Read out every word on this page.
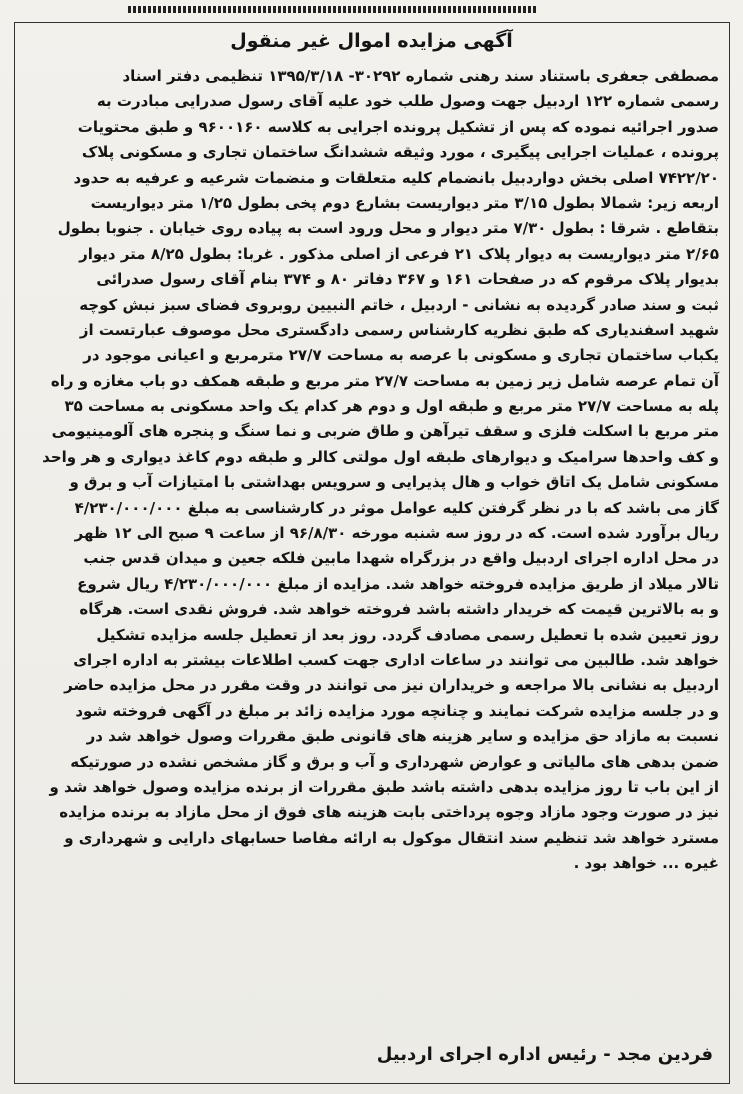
آگهی مزایده اموال غیر منقول
مصطفی جعفری باستناد سند رهنی شماره ۳۰۲۹۲- ۱۳۹۵/۳/۱۸ تنظیمی دفتر اسناد
رسمی شماره ۱۲۲ اردبیل جهت وصول طلب خود علیه آقای رسول صدرایی مبادرت به
صدور اجرائیه نموده که پس از تشکیل پرونده اجرایی به کلاسه ۹۶۰۰۱۶۰ و طبق محتویات
پرونده ، عملیات اجرایی پیگیری ، مورد وثیقه ششدانگ ساختمان تجاری و مسکونی پلاک
۷۴۲۲/۲۰ اصلی بخش دواردبیل بانضمام کلیه متعلقات و منضمات شرعیه و عرفیه به حدود
اربعه زیر: شمالا بطول ۳/۱۵ متر دیواریست بشارع دوم پخی بطول ۱/۲۵ متر دیواریست
بتقاطع . شرقا : بطول ۷/۳۰ متر دیوار و محل ورود است به پیاده روی خیابان . جنوبا بطول
۲/۶۵ متر دیواریست به دیوار پلاک ۲۱ فرعی از اصلی مذکور . غربا: بطول ۸/۲۵ متر دیوار
بدیوار پلاک مرقوم که در صفحات ۱۶۱ و ۳۶۷ دفاتر ۸۰ و ۳۷۴ بنام آقای رسول صدرائی
ثبت و سند صادر گردیده به نشانی - اردبیل ، خاتم النبیین روبروی فضای سبز نبش کوچه
شهید اسفندیاری که طبق نظریه کارشناس رسمی دادگستری محل موصوف عبارتست از
یکباب ساختمان تجاری و مسکونی با عرصه به مساحت ۲۷/۷ مترمربع و اعیانی موجود در
آن تمام عرصه شامل زیر زمین به مساحت ۲۷/۷ متر مربع و طبقه همکف دو باب مغازه و راه
پله به مساحت ۲۷/۷ متر مربع و طبقه اول و دوم هر کدام یک واحد مسکونی به مساحت ۳۵
متر مربع با اسکلت فلزی و سقف تیرآهن و طاق ضربی و نما سنگ و پنجره های آلومینیومی
و کف واحدها سرامیک و دیوارهای طبقه اول مولتی کالر و طبقه دوم کاغذ دیواری و هر واحد
مسکونی شامل یک اتاق خواب و هال پذیرایی و سرویس بهداشتی با امتیازات آب و برق و
گاز می باشد که با در نظر گرفتن کلیه عوامل موثر در کارشناسی به مبلغ ۴/۲۳۰/۰۰۰/۰۰۰
ریال برآورد شده است. که در روز سه شنبه مورخه ۹۶/۸/۳۰ از ساعت ۹ صبح الی ۱۲ ظهر
در محل اداره اجرای اردبیل واقع در بزرگراه شهدا مابین فلکه جعین و میدان قدس جنب
تالار میلاد از طریق مزایده فروخته خواهد شد. مزایده از مبلغ ۴/۲۳۰/۰۰۰/۰۰۰ ریال شروع
و به بالاترین قیمت که خریدار داشته باشد فروخته خواهد شد. فروش نقدی است. هرگاه
روز تعیین شده با تعطیل رسمی مصادف گردد. روز بعد از تعطیل جلسه مزایده تشکیل
خواهد شد. طالبین می توانند در ساعات اداری جهت کسب اطلاعات بیشتر به اداره اجرای
اردبیل به نشانی بالا مراجعه و خریداران نیز می توانند در وقت مقرر در محل مزایده حاضر
و در جلسه مزایده شرکت نمایند و چنانچه مورد مزایده زائد بر مبلغ در آگهی فروخته شود
نسبت به مازاد حق مزایده و سایر هزینه های قانونی طبق مقررات وصول خواهد شد در
ضمن بدهی های مالیاتی و عوارض شهرداری و آب و برق و گاز مشخص نشده در صورتیکه
از این باب تا روز مزایده بدهی داشته باشد طبق مقررات از برنده مزایده وصول خواهد شد و
نیز در صورت وجود مازاد وجوه پرداختی بابت هزینه های فوق از محل مازاد به برنده مزایده
مسترد خواهد شد تنظیم سند انتقال موکول به ارائه مفاصا حسابهای دارایی و شهرداری و
غیره ... خواهد بود .
فردین مجد - رئیس اداره اجرای اردبیل
